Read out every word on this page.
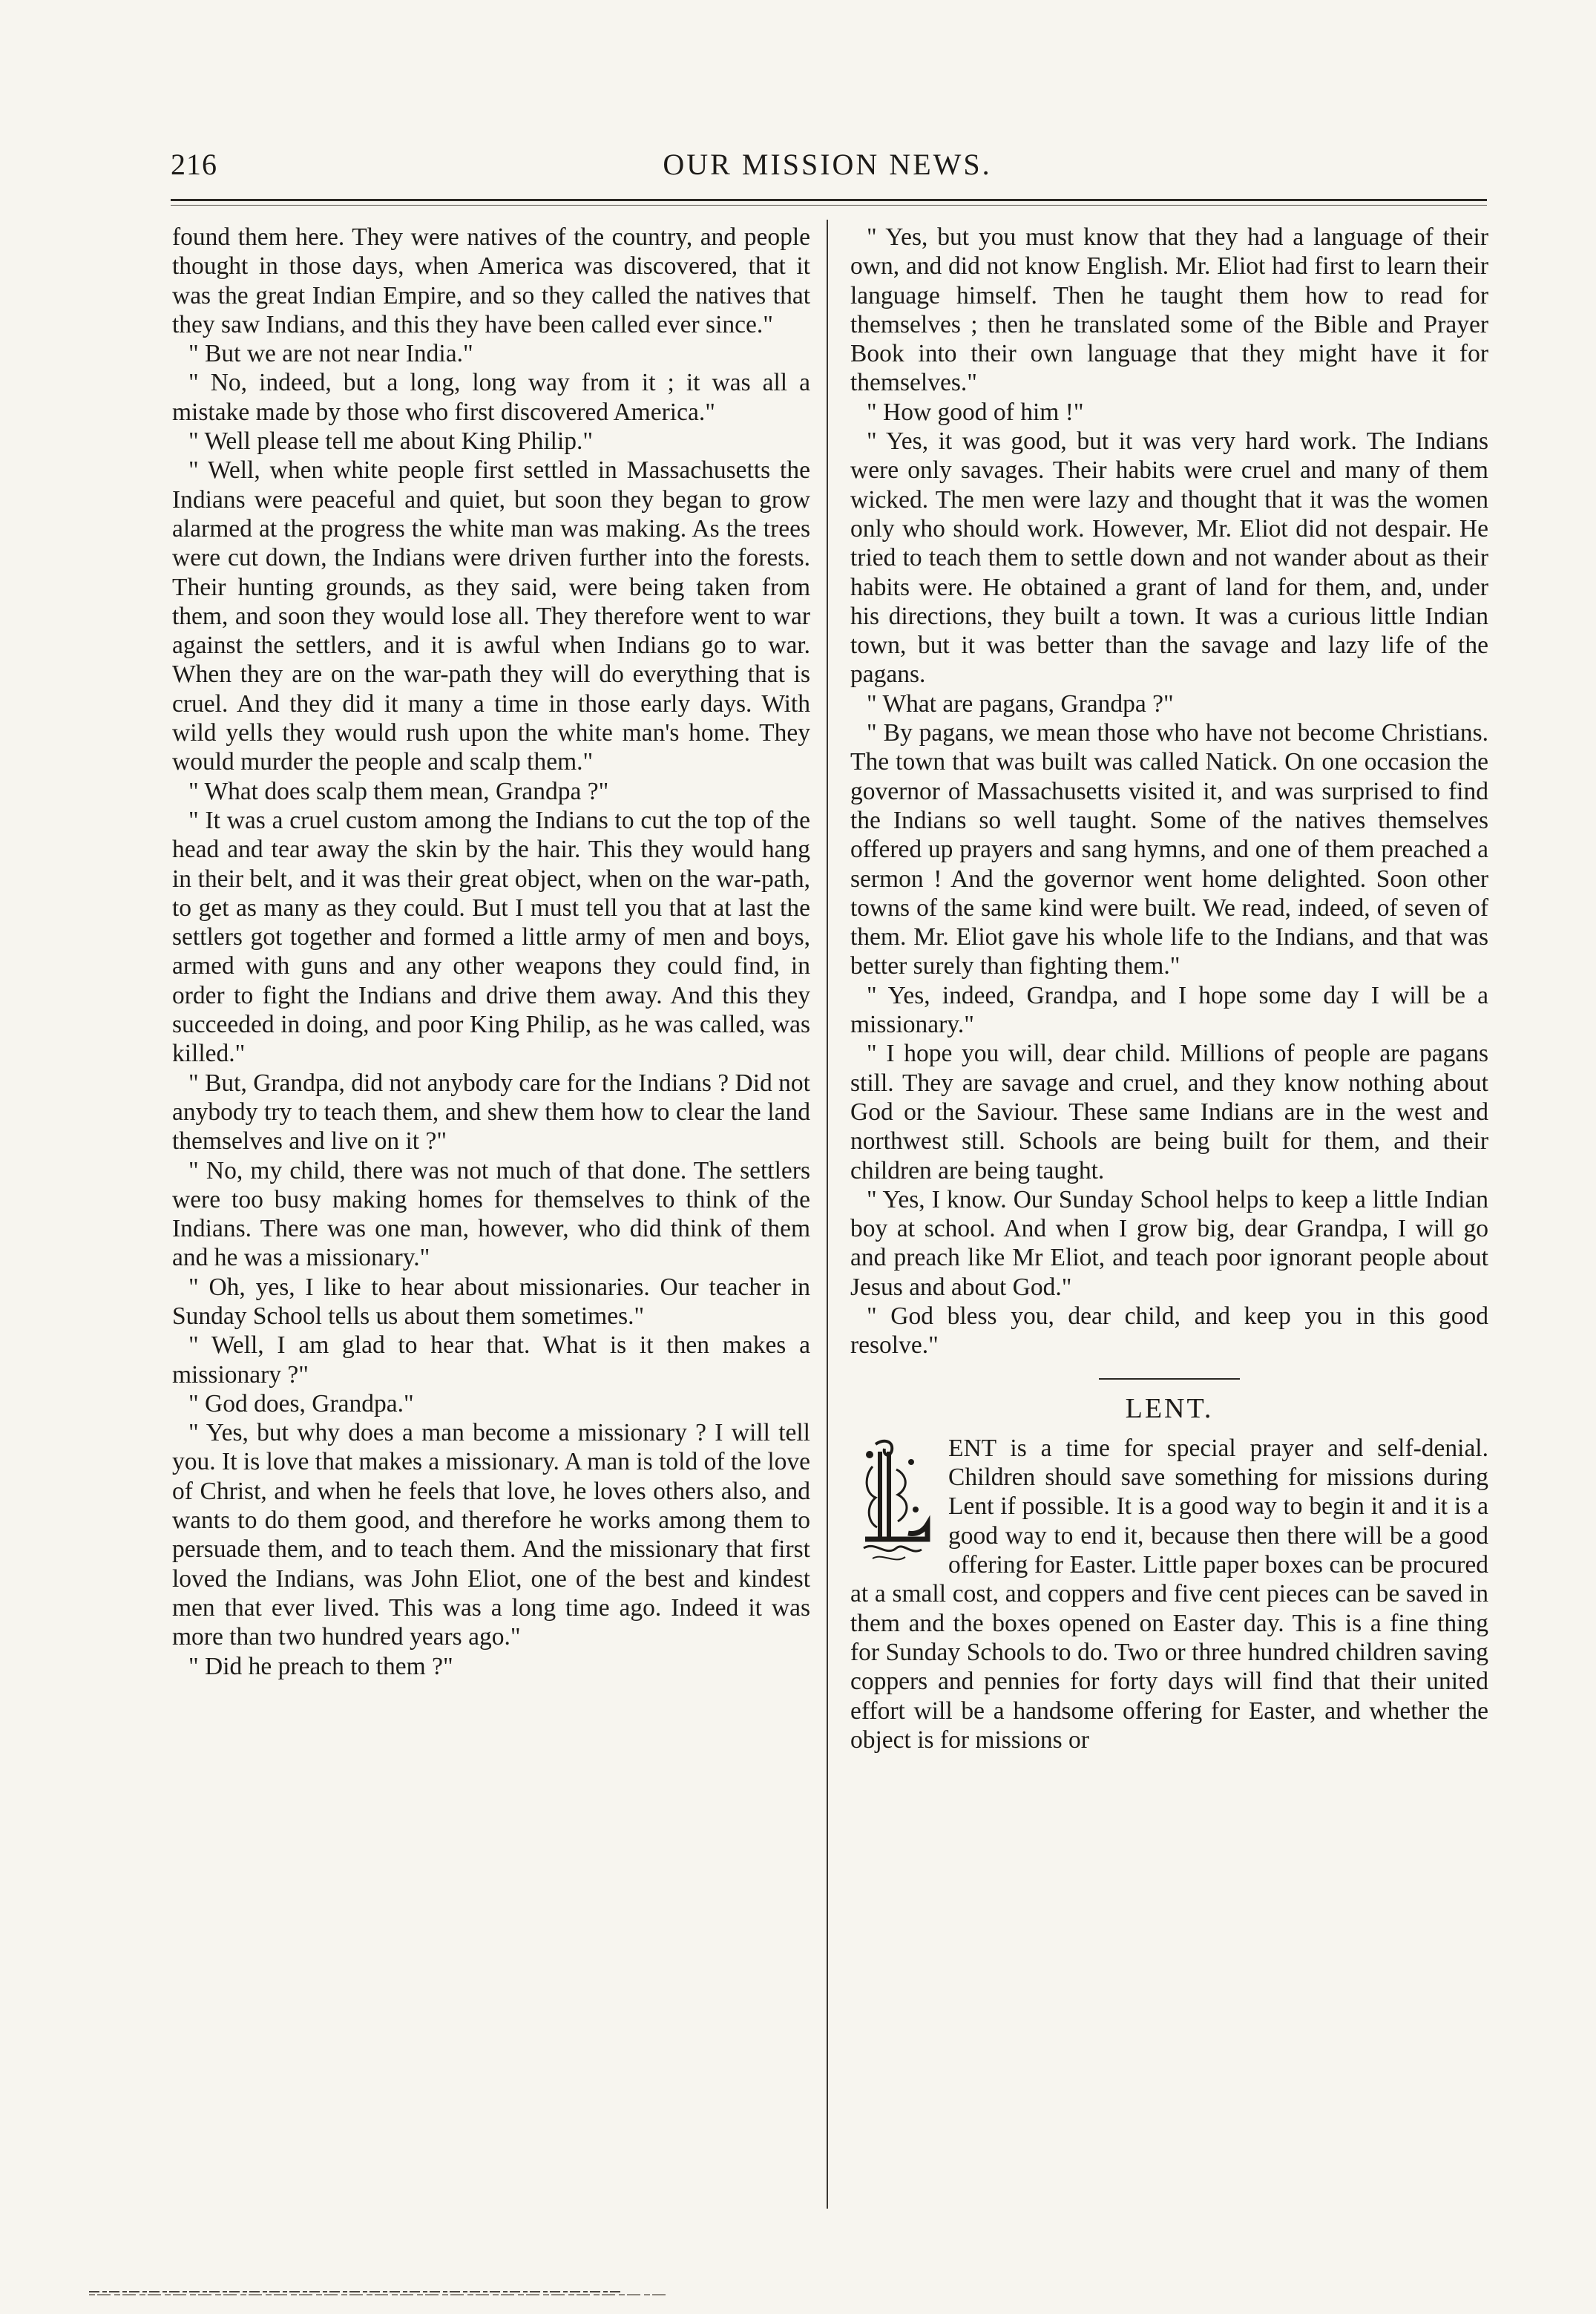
216	OUR MISSION NEWS.

found them here. They were natives of the country, and people thought in those days, when America was discovered, that it was the great Indian Empire, and so they called the natives that they saw Indians, and this they have been called ever since."

" But we are not near India."

" No, indeed, but a long, long way from it ; it was all a mistake made by those who first discovered America."

" Well please tell me about King Philip."

" Well, when white people first settled in Massachusetts the Indians were peaceful and quiet, but soon they began to grow alarmed at the progress the white man was making. As the trees were cut down, the Indians were driven further into the forests. Their hunting grounds, as they said, were being taken from them, and soon they would lose all. They therefore went to war against the settlers, and it is awful when Indians go to war. When they are on the war-path they will do everything that is cruel. And they did it many a time in those early days. With wild yells they would rush upon the white man's home. They would murder the people and scalp them."

" What does scalp them mean, Grandpa ?"

" It was a cruel custom among the Indians to cut the top of the head and tear away the skin by the hair. This they would hang in their belt, and it was their great object, when on the war-path, to get as many as they could. But I must tell you that at last the settlers got together and formed a little army of men and boys, armed with guns and any other weapons they could find, in order to fight the Indians and drive them away. And this they succeeded in doing, and poor King Philip, as he was called, was killed."

" But, Grandpa, did not anybody care for the Indians ? Did not anybody try to teach them, and shew them how to clear the land themselves and live on it ?"

" No, my child, there was not much of that done. The settlers were too busy making homes for themselves to think of the Indians. There was one man, however, who did think of them and he was a missionary."

" Oh, yes, I like to hear about missionaries. Our teacher in Sunday School tells us about them sometimes."

" Well, I am glad to hear that. What is it then makes a missionary ?"

" God does, Grandpa."

" Yes, but why does a man become a missionary ? I will tell you. It is love that makes a missionary. A man is told of the love of Christ, and when he feels that love, he loves others also, and wants to do them good, and therefore he works among them to persuade them, and to teach them. And the missionary that first loved the Indians, was John Eliot, one of the best and kindest men that ever lived. This was a long time ago. Indeed it was more than two hundred years ago."

" Did he preach to them ?"

" Yes, but you must know that they had a language of their own, and did not know English. Mr. Eliot had first to learn their language himself. Then he taught them how to read for themselves ; then he translated some of the Bible and Prayer Book into their own language that they might have it for themselves."

" How good of him !"

" Yes, it was good, but it was very hard work. The Indians were only savages. Their habits were cruel and many of them wicked. The men were lazy and thought that it was the women only who should work. However, Mr. Eliot did not despair. He tried to teach them to settle down and not wander about as their habits were. He obtained a grant of land for them, and, under his directions, they built a town. It was a curious little Indian town, but it was better than the savage and lazy life of the pagans.

" What are pagans, Grandpa ?"

" By pagans, we mean those who have not become Christians. The town that was built was called Natick. On one occasion the governor of Massachusetts visited it, and was surprised to find the Indians so well taught. Some of the natives themselves offered up prayers and sang hymns, and one of them preached a sermon ! And the governor went home delighted. Soon other towns of the same kind were built. We read, indeed, of seven of them. Mr. Eliot gave his whole life to the Indians, and that was better surely than fighting them."

" Yes, indeed, Grandpa, and I hope some day I will be a missionary."

" I hope you will, dear child. Millions of people are pagans still. They are savage and cruel, and they know nothing about God or the Saviour. These same Indians are in the west and northwest still. Schools are being built for them, and their children are being taught.

" Yes, I know. Our Sunday School helps to keep a little Indian boy at school. And when I grow big, dear Grandpa, I will go and preach like Mr Eliot, and teach poor ignorant people about Jesus and about God."

" God bless you, dear child, and keep you in this good resolve."

LENT.

ENT is a time for special prayer and self-denial. Children should save something for missions during Lent if possible. It is a good way to begin it and it is a good way to end it, because then there will be a good offering for Easter. Little paper boxes can be procured at a small cost, and coppers and five cent pieces can be saved in them and the boxes opened on Easter day. This is a fine thing for Sunday Schools to do. Two or three hundred children saving coppers and pennies for forty days will find that their united effort will be a handsome offering for Easter, and whether the object is for missions or
